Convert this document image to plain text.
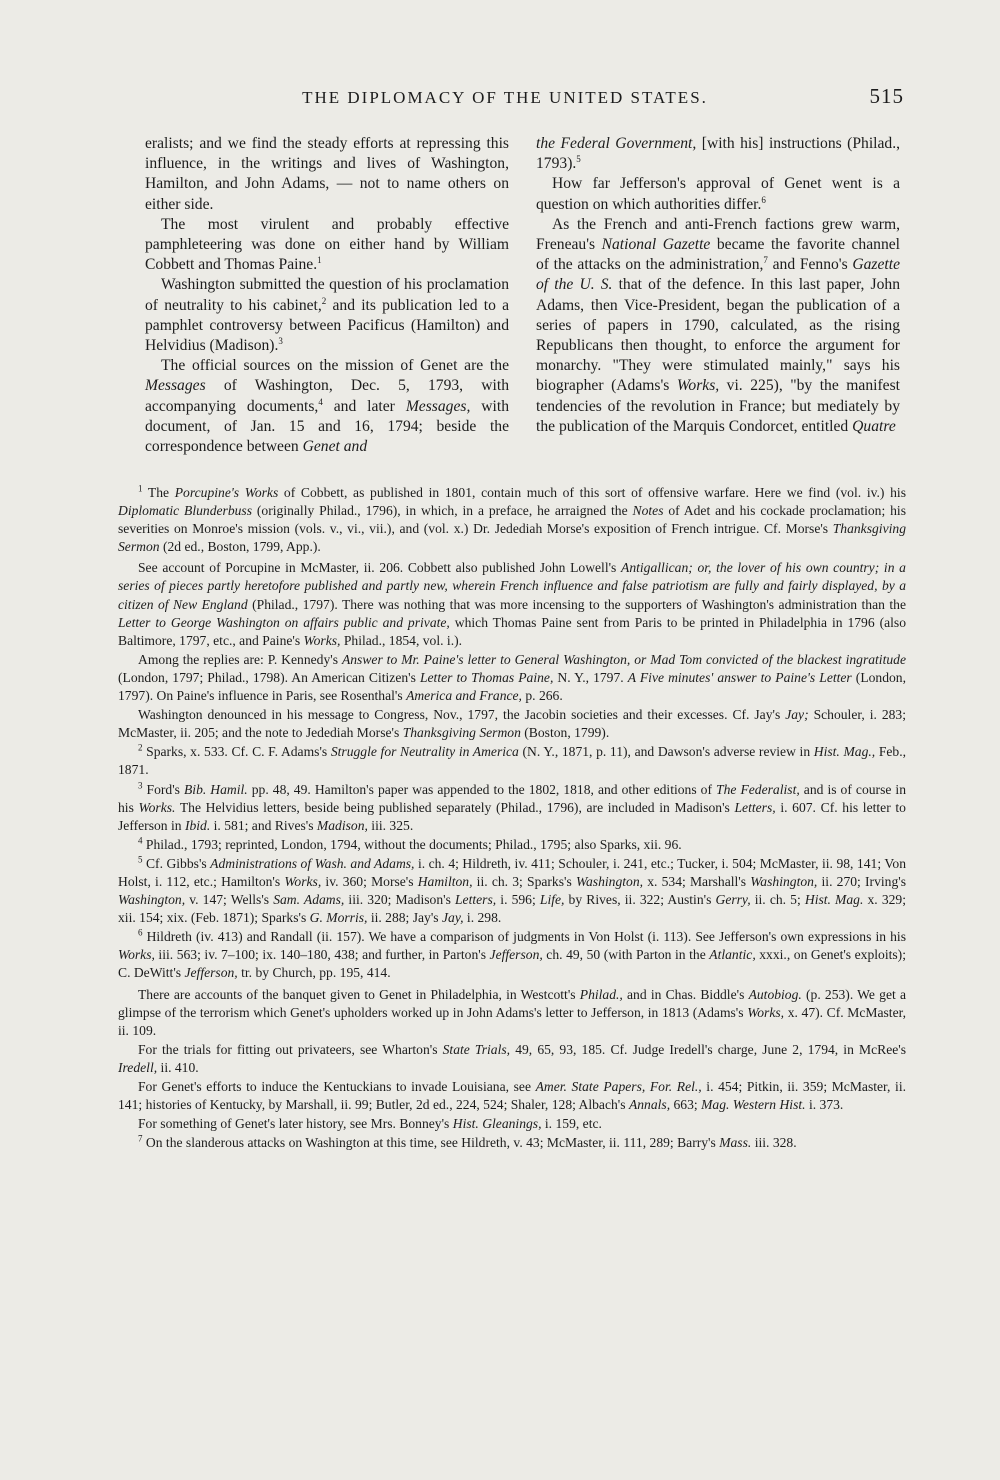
THE DIPLOMACY OF THE UNITED STATES.	515

eralists; and we find the steady efforts at repressing this influence, in the writings and lives of Washington, Hamilton, and John Adams, — not to name others on either side.

The most virulent and probably effective pamphleteering was done on either hand by William Cobbett and Thomas Paine.$^1$

Washington submitted the question of his proclamation of neutrality to his cabinet,$^2$ and its publication led to a pamphlet controversy between Pacificus (Hamilton) and Helvidius (Madison).$^3$

The official sources on the mission of Genet are the Messages of Washington, Dec. 5, 1793, with accompanying documents,$^4$ and later Messages, with document, of Jan. 15 and 16, 1794; beside the correspondence between Genet and

the Federal Government, [with his] instructions (Philad., 1793).$^5$

How far Jefferson's approval of Genet went is a question on which authorities differ.$^6$

As the French and anti-French factions grew warm, Freneau's National Gazette became the favorite channel of the attacks on the administration,$^7$ and Fenno's Gazette of the U. S. that of the defence. In this last paper, John Adams, then Vice-President, began the publication of a series of papers in 1790, calculated, as the rising Republicans then thought, to enforce the argument for monarchy. "They were stimulated mainly," says his biographer (Adams's Works, vi. 225), "by the manifest tendencies of the revolution in France; but mediately by the publication of the Marquis Condorcet, entitled Quatre

$^1$ The Porcupine's Works of Cobbett, as published in 1801, contain much of this sort of offensive warfare. Here we find (vol. iv.) his Diplomatic Blunderbuss (originally Philad., 1796), in which, in a preface, he arraigned the Notes of Adet and his cockade proclamation; his severities on Monroe's mission (vols. v., vi., vii.), and (vol. x.) Dr. Jedediah Morse's exposition of French intrigue. Cf. Morse's Thanksgiving Sermon (2d ed., Boston, 1799, App.).

See account of Porcupine in McMaster, ii. 206. Cobbett also published John Lowell's Antigallican; or, the lover of his own country; in a series of pieces partly heretofore published and partly new, wherein French influence and false patriotism are fully and fairly displayed, by a citizen of New England (Philad., 1797). There was nothing that was more incensing to the supporters of Washington's administration than the Letter to George Washington on affairs public and private, which Thomas Paine sent from Paris to be printed in Philadelphia in 1796 (also Baltimore, 1797, etc., and Paine's Works, Philad., 1854, vol. i.).

Among the replies are: P. Kennedy's Answer to Mr. Paine's letter to General Washington, or Mad Tom convicted of the blackest ingratitude (London, 1797; Philad., 1798). An American Citizen's Letter to Thomas Paine, N. Y., 1797. A Five minutes' answer to Paine's Letter (London, 1797). On Paine's influence in Paris, see Rosenthal's America and France, p. 266.

Washington denounced in his message to Congress, Nov., 1797, the Jacobin societies and their excesses. Cf. Jay's Jay; Schouler, i. 283; McMaster, ii. 205; and the note to Jedediah Morse's Thanksgiving Sermon (Boston, 1799).

$^2$ Sparks, x. 533. Cf. C. F. Adams's Struggle for Neutrality in America (N. Y., 1871, p. 11), and Dawson's adverse review in Hist. Mag., Feb., 1871.

$^3$ Ford's Bib. Hamil. pp. 48, 49. Hamilton's paper was appended to the 1802, 1818, and other editions of The Federalist, and is of course in his Works. The Helvidius letters, beside being published separately (Philad., 1796), are included in Madison's Letters, i. 607. Cf. his letter to Jefferson in Ibid. i. 581; and Rives's Madison, iii. 325.

$^4$ Philad., 1793; reprinted, London, 1794, without the documents; Philad., 1795; also Sparks, xii. 96.

$^5$ Cf. Gibbs's Administrations of Wash. and Adams, i. ch. 4; Hildreth, iv. 411; Schouler, i. 241, etc.; Tucker, i. 504; McMaster, ii. 98, 141; Von Holst, i. 112, etc.; Hamilton's Works, iv. 360; Morse's Hamilton, ii. ch. 3; Sparks's Washington, x. 534; Marshall's Washington, ii. 270; Irving's Washington, v. 147; Wells's Sam. Adams, iii. 320; Madison's Letters, i. 596; Life, by Rives, ii. 322; Austin's Gerry, ii. ch. 5; Hist. Mag. x. 329; xii. 154; xix. (Feb. 1871); Sparks's G. Morris, ii. 288; Jay's Jay, i. 298.

$^6$ Hildreth (iv. 413) and Randall (ii. 157). We have a comparison of judgments in Von Holst (i. 113). See Jefferson's own expressions in his Works, iii. 563; iv. 7–100; ix. 140–180, 438; and further, in Parton's Jefferson, ch. 49, 50 (with Parton in the Atlantic, xxxi., on Genet's exploits); C. DeWitt's Jefferson, tr. by Church, pp. 195, 414.

There are accounts of the banquet given to Genet in Philadelphia, in Westcott's Philad., and in Chas. Biddle's Autobiog. (p. 253). We get a glimpse of the terrorism which Genet's upholders worked up in John Adams's letter to Jefferson, in 1813 (Adams's Works, x. 47). Cf. McMaster, ii. 109.

For the trials for fitting out privateers, see Wharton's State Trials, 49, 65, 93, 185. Cf. Judge Iredell's charge, June 2, 1794, in McRee's Iredell, ii. 410.

For Genet's efforts to induce the Kentuckians to invade Louisiana, see Amer. State Papers, For. Rel., i. 454; Pitkin, ii. 359; McMaster, ii. 141; histories of Kentucky, by Marshall, ii. 99; Butler, 2d ed., 224, 524; Shaler, 128; Albach's Annals, 663; Mag. Western Hist. i. 373.

For something of Genet's later history, see Mrs. Bonney's Hist. Gleanings, i. 159, etc.

$^7$ On the slanderous attacks on Washington at this time, see Hildreth, v. 43; McMaster, ii. 111, 289; Barry's Mass. iii. 328.
